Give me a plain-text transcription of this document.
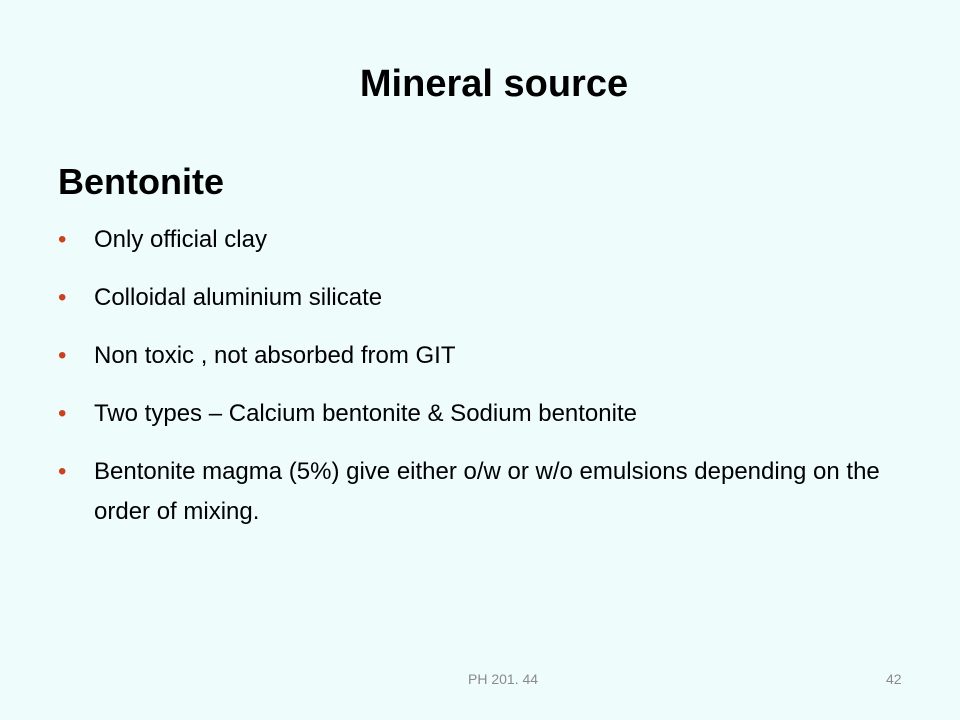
Mineral source
Bentonite
• Only official clay
• Colloidal aluminium silicate
• Non toxic , not absorbed from GIT
• Two types – Calcium bentonite & Sodium bentonite
• Bentonite magma (5%) give either o/w or w/o emulsions depending on the order of mixing.
PH 201. 44	42
